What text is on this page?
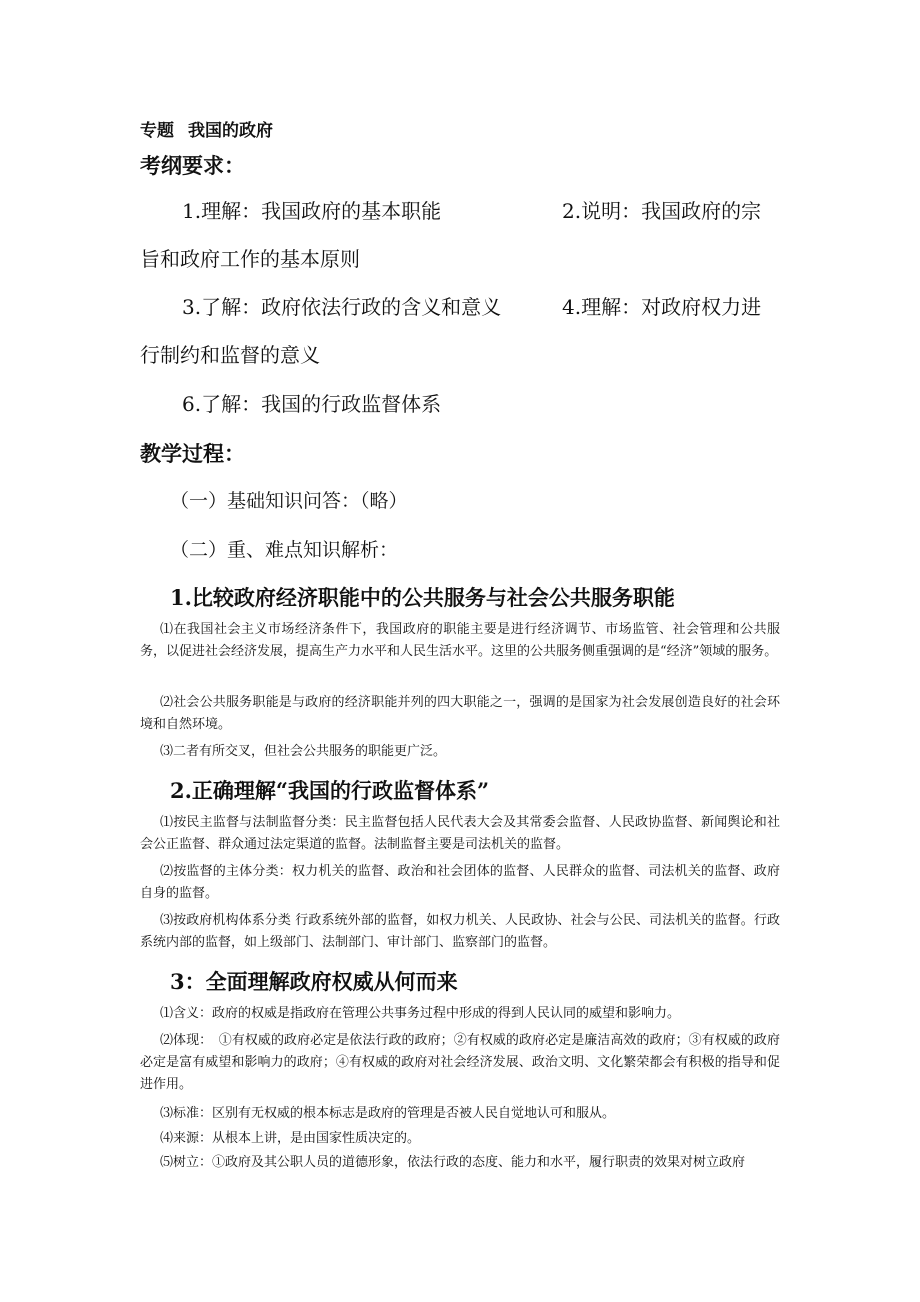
专题 我国的政府
考纲要求：
1.理解：我国政府的基本职能	2.说明：我国政府的宗
旨和政府工作的基本原则
3.了解：政府依法行政的含义和意义	4.理解：对政府权力进
行制约和监督的意义
6.了解：我国的行政监督体系
教学过程：
（一）基础知识问答：（略）
（二）重、难点知识解析：
1.比较政府经济职能中的公共服务与社会公共服务职能
⑴在我国社会主义市场经济条件下，我国政府的职能主要是进行经济调节、市场监管、社会管理和公共服务，以促进社会经济发展，提高生产力水平和人民生活水平。这里的公共服务侧重强调的是“经济”领域的服务。
⑵社会公共服务职能是与政府的经济职能并列的四大职能之一，强调的是国家为社会发展创造良好的社会环境和自然环境。
⑶二者有所交叉，但社会公共服务的职能更广泛。
2.正确理解“我国的行政监督体系”
⑴按民主监督与法制监督分类：民主监督包括人民代表大会及其常委会监督、人民政协监督、新闻舆论和社会公正监督、群众通过法定渠道的监督。法制监督主要是司法机关的监督。
⑵按监督的主体分类：权力机关的监督、政治和社会团体的监督、人民群众的监督、司法机关的监督、政府自身的监督。
⑶按政府机构体系分类 行政系统外部的监督，如权力机关、人民政协、社会与公民、司法机关的监督。行政系统内部的监督，如上级部门、法制部门、审计部门、监察部门的监督。
3：全面理解政府权威从何而来
⑴含义：政府的权威是指政府在管理公共事务过程中形成的得到人民认同的威望和影响力。
⑵体现：　①有权威的政府必定是依法行政的政府；②有权威的政府必定是廉洁高效的政府；③有权威的政府必定是富有威望和影响力的政府；④有权威的政府对社会经济发展、政治文明、文化繁荣都会有积极的指导和促进作用。
⑶标准：区别有无权威的根本标志是政府的管理是否被人民自觉地认可和服从。
⑷来源：从根本上讲，是由国家性质决定的。
⑸树立：①政府及其公职人员的道德形象，依法行政的态度、能力和水平，履行职责的效果对树立政府
